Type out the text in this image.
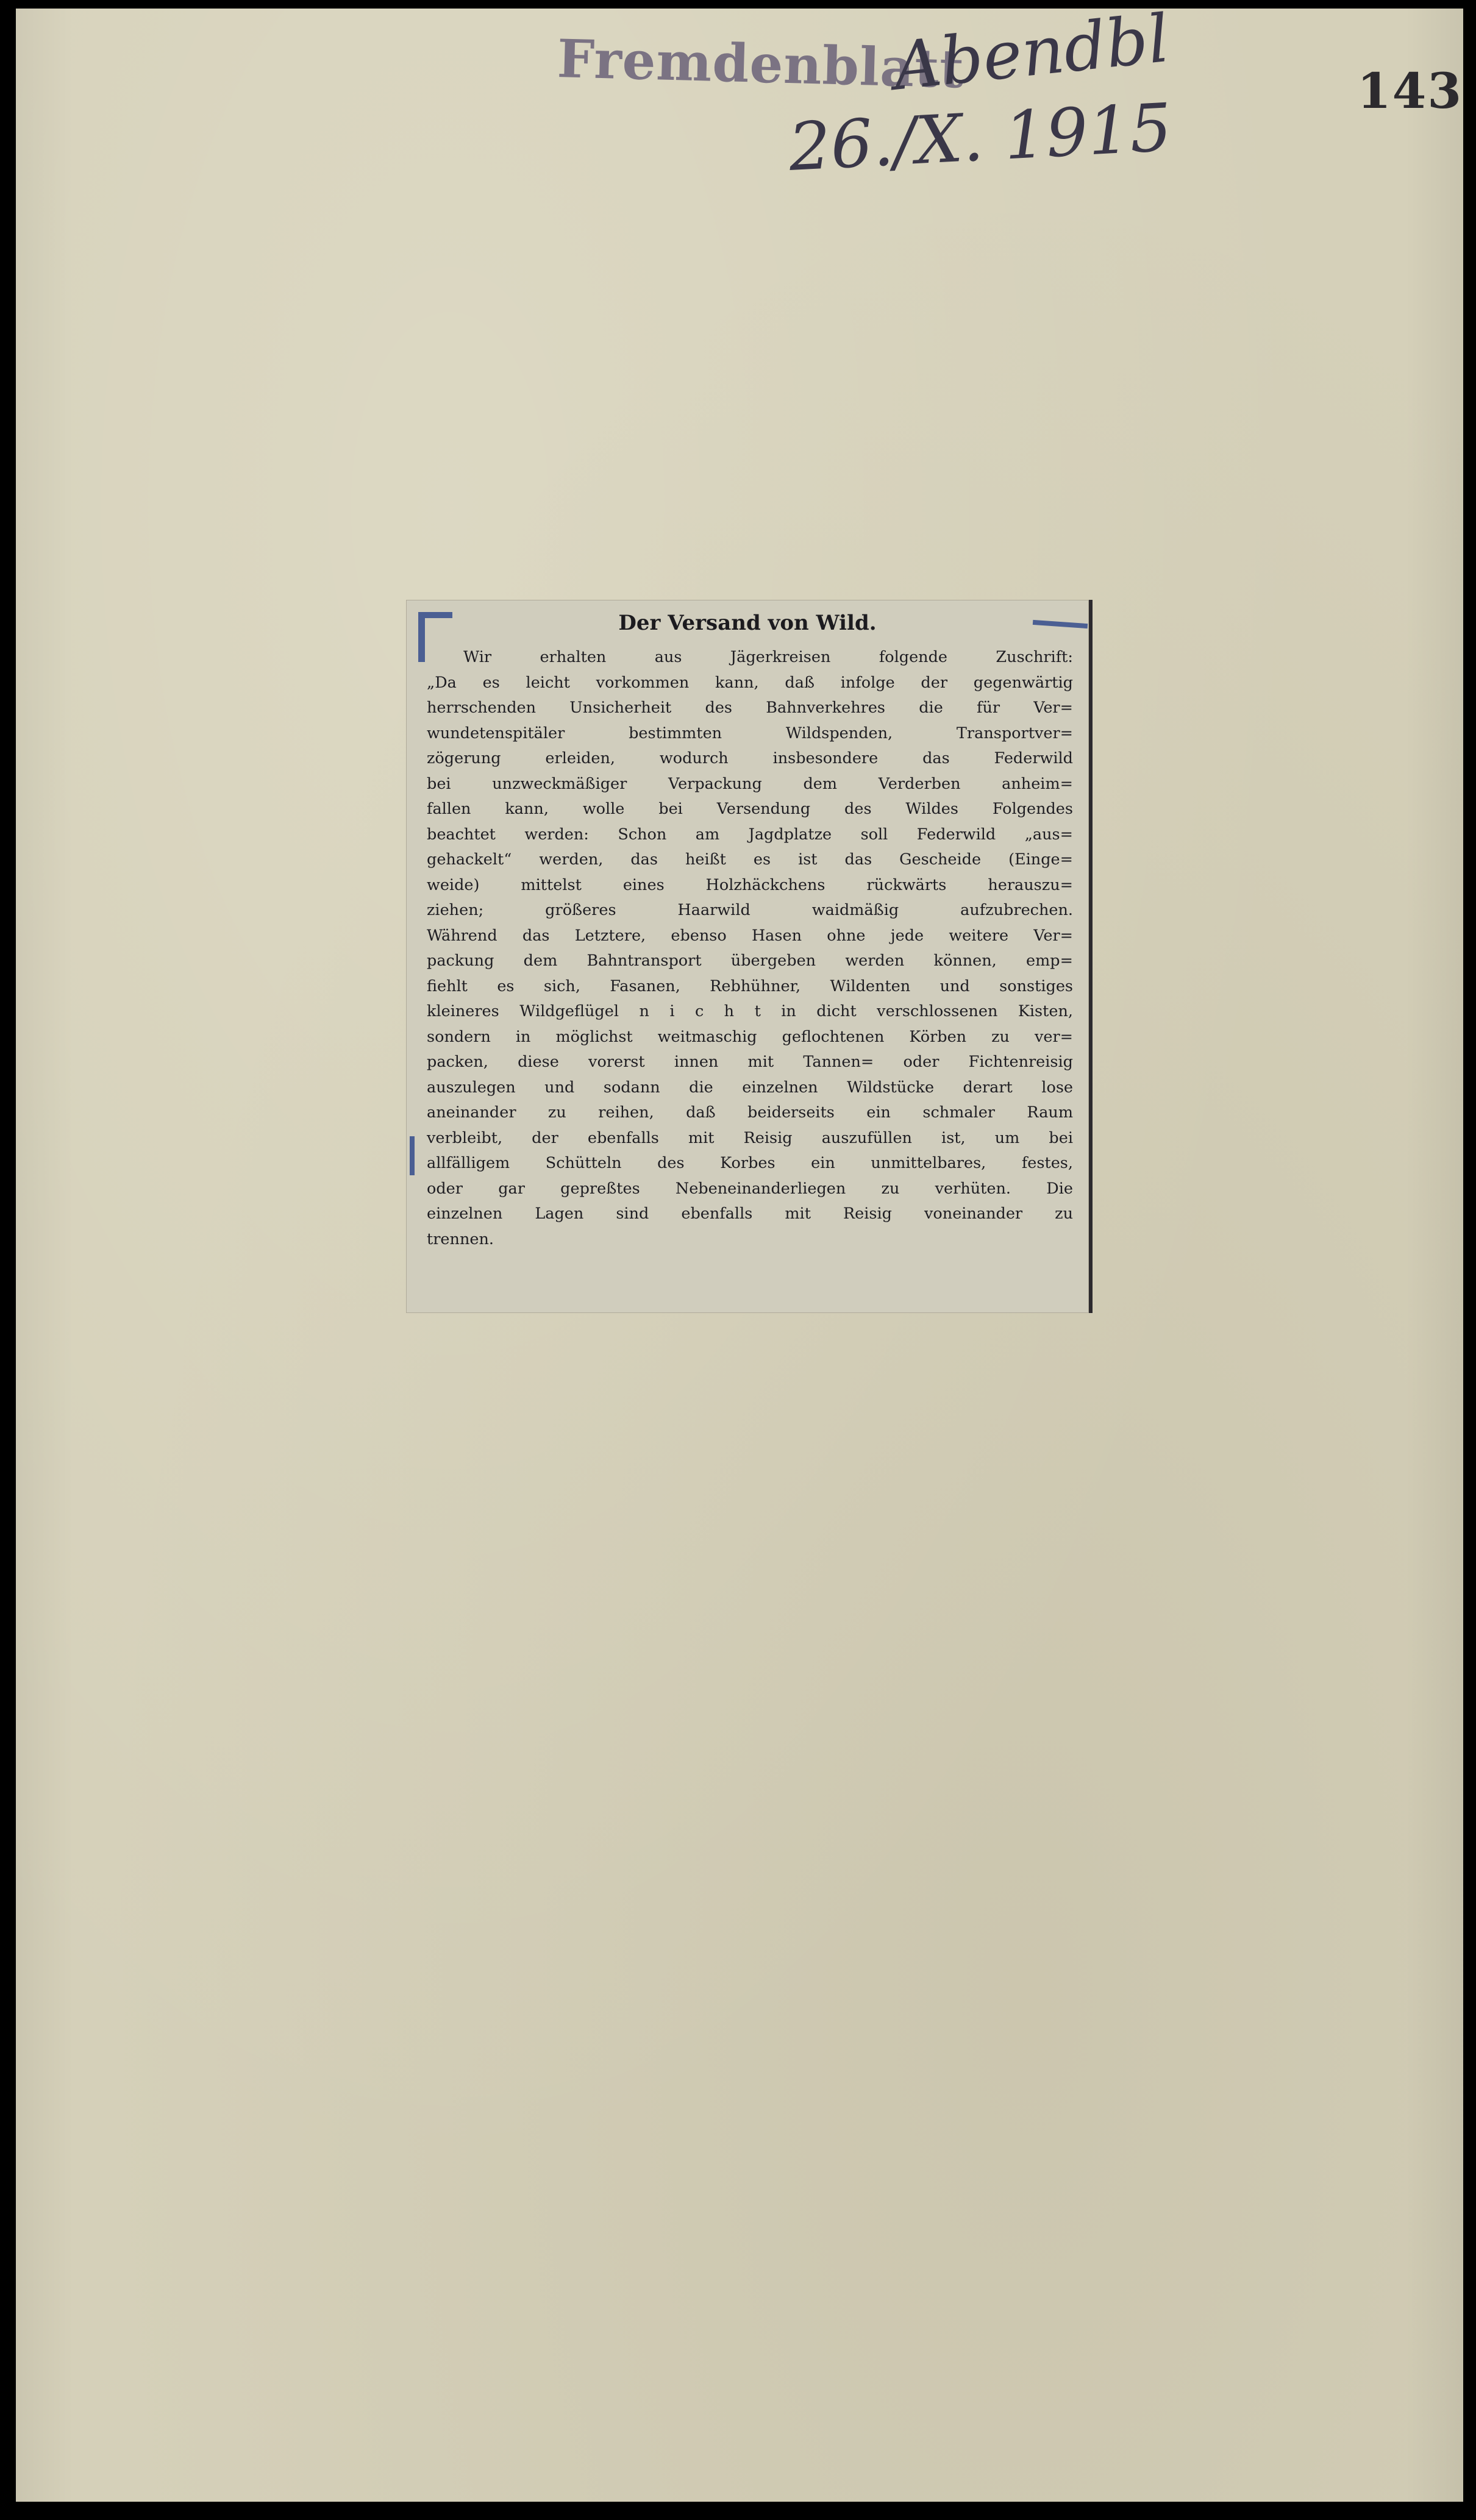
Fremdenblatt
Abendbl
26./X. 1915	143
Der Versand von Wild.
Wir erhalten aus Jägerkreisen folgende Zuschrift:
„Da es leicht vorkommen kann, daß infolge der gegenwärtig
herrschenden Unsicherheit des Bahnverkehres die für Ver=
wundetenspitäler bestimmten Wildspenden, Transportver=
zögerung erleiden, wodurch insbesondere das Federwild
bei unzweckmäßiger Verpackung dem Verderben anheim=
fallen kann, wolle bei Versendung des Wildes Folgendes
beachtet werden: Schon am Jagdplatze soll Federwild „aus=
gehackelt“ werden, das heißt es ist das Gescheide (Einge=
weide) mittelst eines Holzhäckchens rückwärts herauszu=
ziehen; größeres Haarwild waidmäßig aufzubrechen.
Während das Letztere, ebenso Hasen ohne jede weitere Ver=
packung dem Bahntransport übergeben werden können, emp=
fiehlt es sich, Fasanen, Rebhühner, Wildenten und sonstiges
kleineres Wildgeflügel n i c h t in dicht verschlossenen Kisten,
sondern in möglichst weitmaschig geflochtenen Körben zu ver=
packen, diese vorerst innen mit Tannen= oder Fichtenreisig
auszulegen und sodann die einzelnen Wildstücke derart lose
aneinander zu reihen, daß beiderseits ein schmaler Raum
verbleibt, der ebenfalls mit Reisig auszufüllen ist, um bei
allfälligem Schütteln des Korbes ein unmittelbares, festes,
oder gar gepreßtes Nebeneinanderliegen zu verhüten. Die
einzelnen Lagen sind ebenfalls mit Reisig voneinander zu
trennen.
